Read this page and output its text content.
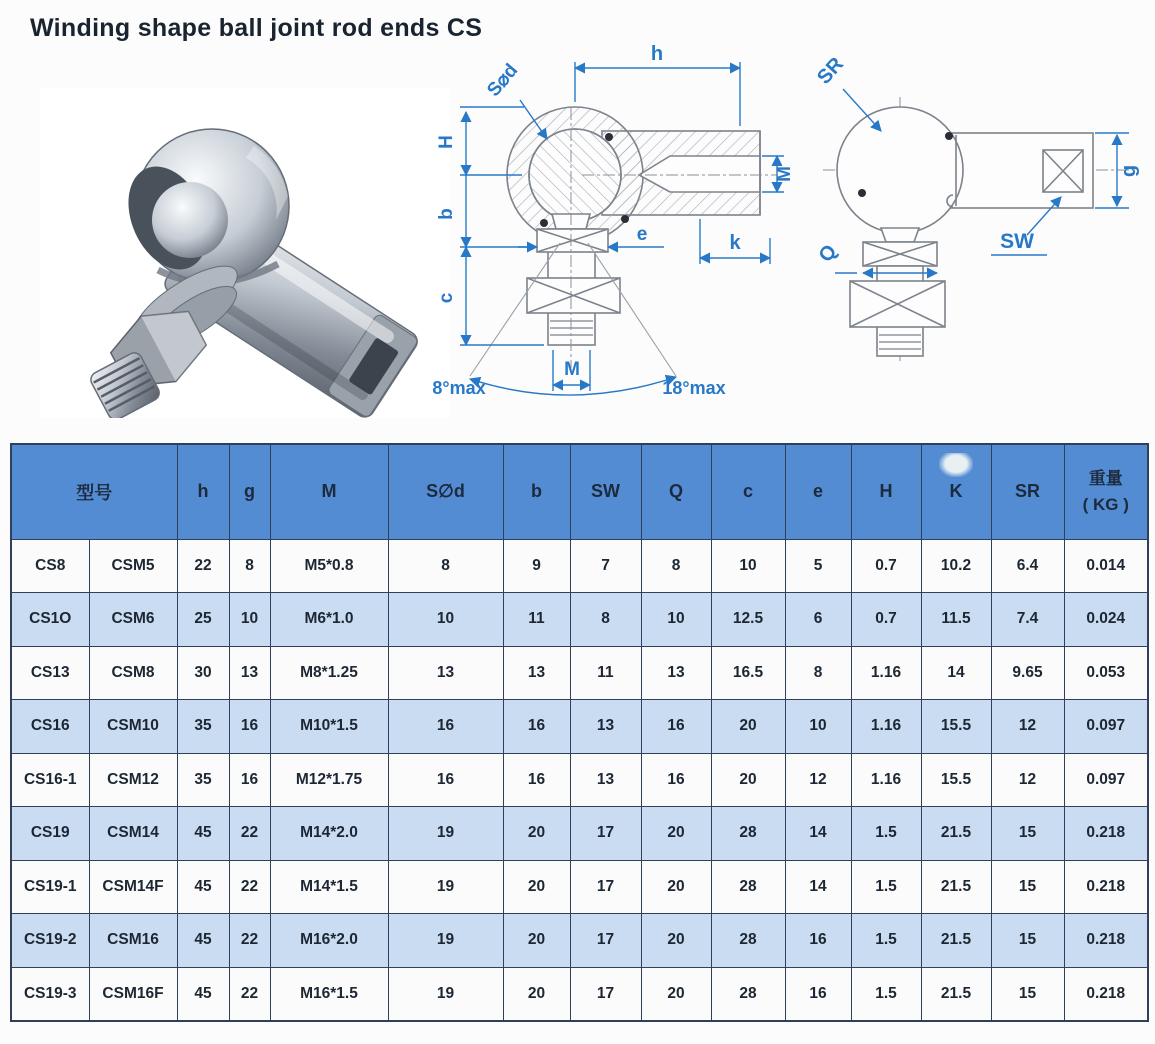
Winding shape ball joint rod ends CS
h
H
b
c
S⌀d
e	k
M
M
8°max	18°max
SR
g
SW
Q
型号		h	g	M	S∅d	b	SW	Q	c	e	H	K	SR	重量
( KG )

CS8	CSM5	22	8	M5*0.8	8	9	7	8	10	5	0.7	10.2	6.4	0.014
CS1O	CSM6	25	10	M6*1.0	10	11	8	10	12.5	6	0.7	11.5	7.4	0.024
CS13	CSM8	30	13	M8*1.25	13	13	11	13	16.5	8	1.16	14	9.65	0.053
CS16	CSM10	35	16	M10*1.5	16	16	13	16	20	10	1.16	15.5	12	0.097
CS16-1	CSM12	35	16	M12*1.75	16	16	13	16	20	12	1.16	15.5	12	0.097
CS19	CSM14	45	22	M14*2.0	19	20	17	20	28	14	1.5	21.5	15	0.218
CS19-1	CSM14F	45	22	M14*1.5	19	20	17	20	28	14	1.5	21.5	15	0.218
CS19-2	CSM16	45	22	M16*2.0	19	20	17	20	28	16	1.5	21.5	15	0.218
CS19-3	CSM16F	45	22	M16*1.5	19	20	17	20	28	16	1.5	21.5	15	0.218
